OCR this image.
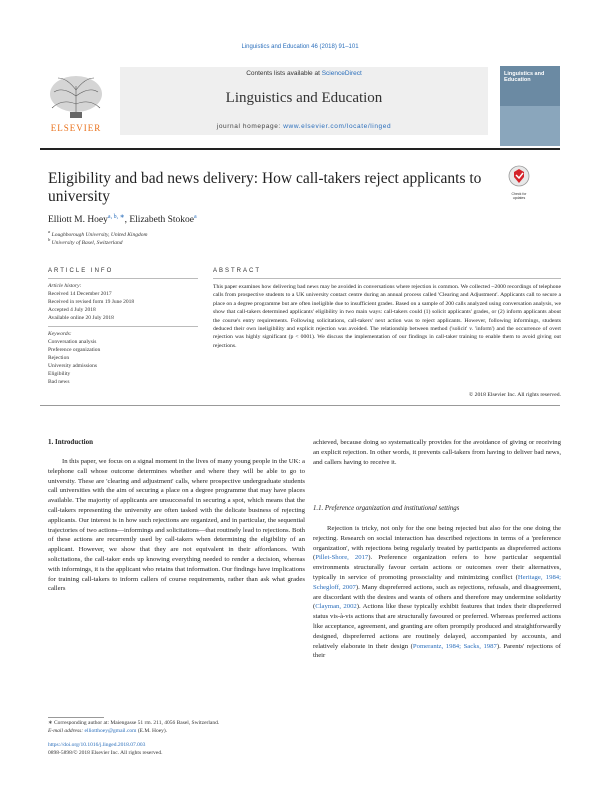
Linguistics and Education 46 (2018) 91–101
ELSEVIER
Contents lists available at ScienceDirect
Linguistics and Education
journal homepage: www.elsevier.com/locate/linged
Linguistics and Education
Eligibility and bad news delivery: How call-takers reject applicants to university	Check for updates
Elliott M. Hoey$^{a, b, ∗}$, Elizabeth Stokoe$^a$
$^a$ Loughborough University, United Kingdom
$^b$ University of Basel, Switzerland
ARTICLE INFO
Article history:
Received 14 December 2017
Received in revised form 19 June 2018
Accepted 4 July 2018
Available online 20 July 2018
Keywords:
Conversation analysis
Preference organization
Rejection
University admissions
Eligibility
Bad news
ABSTRACT
This paper examines how delivering bad news may be avoided in conversations where rejection is common. We collected ~2000 recordings of telephone calls from prospective students to a UK university contact centre during an annual process called 'Clearing and Adjustment'. Applicants call to secure a place on a degree programme but are often ineligible due to insufficient grades. Based on a sample of 200 calls analyzed using conversation analysis, we show that call-takers determined applicants' eligibility in two main ways: call-takers could (1) solicit applicants' grades, or (2) inform applicants about the course's entry requirements. Following solicitations, call-takers' next action was to reject applicants. However, following informings, students deduced their own ineligibility and explicit rejection was avoided. The relationship between method ('solicit' v. 'inform') and the occurrence of overt rejection was highly significant (p < 0001). We discuss the implementation of our findings in call-taker training to enable them to avoid giving out rejections.
© 2018 Elsevier Inc. All rights reserved.
1. Introduction

In this paper, we focus on a signal moment in the lives of many young people in the UK: a telephone call whose outcome determines whether and where they will be able to go to university. These are 'clearing and adjustment' calls, where prospective undergraduate students call universities with the aim of securing a place on a degree programme that may have places available. The majority of applicants are unsuccessful in securing a spot, which means that the call-takers representing the university are often tasked with the delicate business of rejecting applicants. Our interest is in how such rejections are organized, and in particular, the sequential trajectories of two actions—informings and solicitations—that routinely lead to rejections. Both of these actions are recurrently used by call-takers when determining the eligibility of an applicant. However, we show that they are not equivalent in their affordances. With solicitations, the call-taker ends up knowing everything needed to render a decision, whereas with informings, it is the applicant who retains that information. Our findings have implications for training call-takers to inform callers of course requirements, rather than ask what grades callers

∗ Corresponding author at: Maiengasse 51 rm. 211, 4056 Basel, Switzerland.
E-mail address: elliotthoey@gmail.com (E.M. Hoey).
https://doi.org/10.1016/j.linged.2018.07.003
0898-5898/© 2018 Elsevier Inc. All rights reserved.
achieved, because doing so systematically provides for the avoidance of giving or receiving an explicit rejection. In other words, it prevents call-takers from having to deliver bad news, and callers having to receive it.
1.1. Preference organization and institutional settings

Rejection is tricky, not only for the one being rejected but also for the one doing the rejecting. Research on social interaction has described rejections in terms of a 'preference organization', with rejections being regularly treated by participants as dispreferred actions (Pillet-Shore, 2017). Preference organization refers to how particular sequential environments structurally favour certain actions or outcomes over their alternatives, typically in service of promoting prosociality and minimizing conflict (Heritage, 1984; Schegloff, 2007). Many dispreferred actions, such as rejections, refusals, and disagreement, are discordant with the desires and wants of others and therefore may undermine solidarity (Clayman, 2002). Actions like these typically exhibit features that index their dispreferred status vis-à-vis actions that are structurally favoured or preferred. Whereas preferred actions like acceptance, agreement, and granting are often promptly produced and straightforwardly designed, dispreferred actions are routinely delayed, accompanied by accounts, and relatively elaborate in their design (Pomerantz, 1984; Sacks, 1987). Parents' rejections of their
